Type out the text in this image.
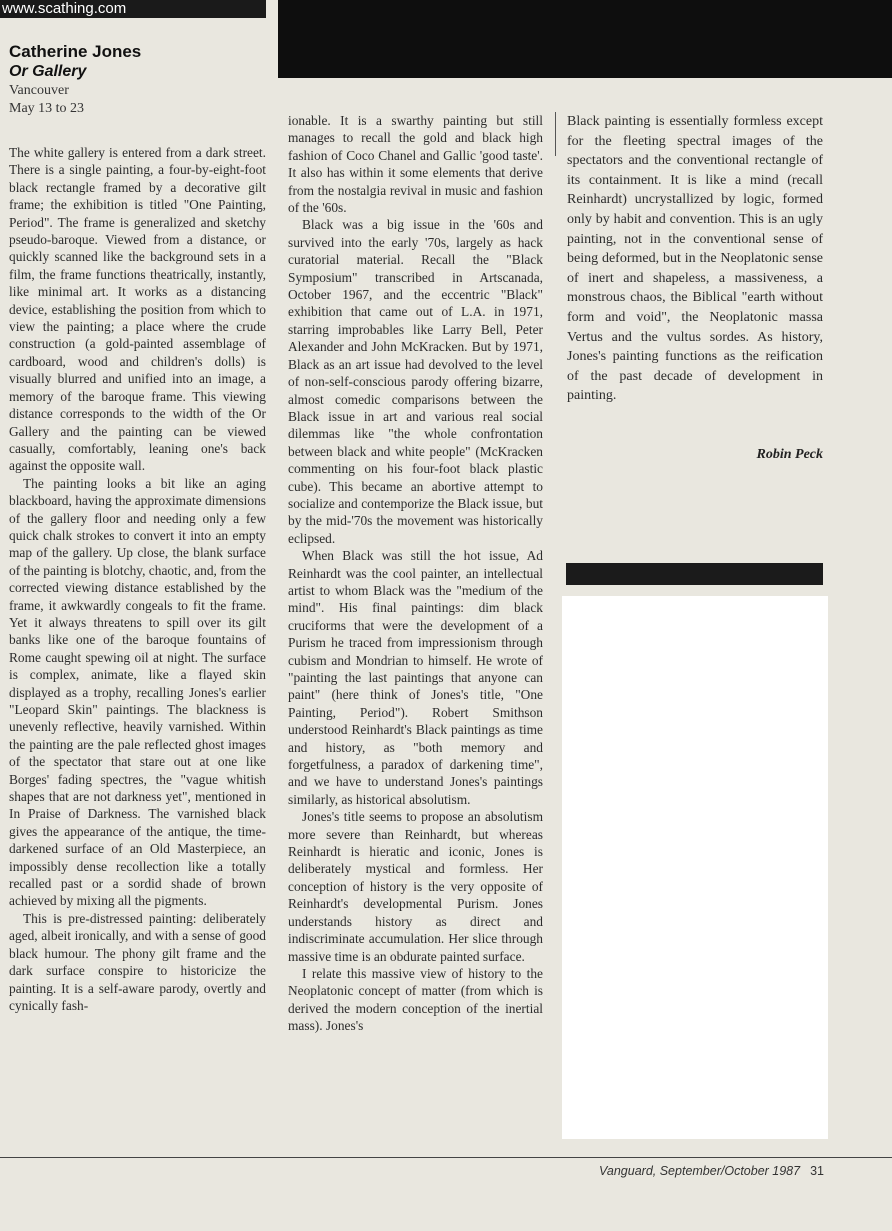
www.scathing.com
Catherine Jones
Or Gallery
Vancouver
May 13 to 23

The white gallery is entered from a dark street. There is a single painting, a four-by-eight-foot black rectangle framed by a decorative gilt frame; the exhibition is titled "One Painting, Period". The frame is generalized and sketchy pseudo-baroque. Viewed from a distance, or quickly scanned like the background sets in a film, the frame functions theatrically, instantly, like minimal art. It works as a distancing device, establishing the position from which to view the painting; a place where the crude construction (a gold-painted assemblage of cardboard, wood and children's dolls) is visually blurred and unified into an image, a memory of the baroque frame. This viewing distance corresponds to the width of the Or Gallery and the painting can be viewed casually, comfortably, leaning one's back against the opposite wall.

The painting looks a bit like an aging blackboard, having the approximate dimensions of the gallery floor and needing only a few quick chalk strokes to convert it into an empty map of the gallery. Up close, the blank surface of the painting is blotchy, chaotic, and, from the corrected viewing distance established by the frame, it awkwardly congeals to fit the frame. Yet it always threatens to spill over its gilt banks like one of the baroque fountains of Rome caught spewing oil at night. The surface is complex, animate, like a flayed skin displayed as a trophy, recalling Jones's earlier "Leopard Skin" paintings. The blackness is unevenly reflective, heavily varnished. Within the painting are the pale reflected ghost images of the spectator that stare out at one like Borges' fading spectres, the "vague whitish shapes that are not darkness yet", mentioned in In Praise of Darkness. The varnished black gives the appearance of the antique, the time-darkened surface of an Old Masterpiece, an impossibly dense recollection like a totally recalled past or a sordid shade of brown achieved by mixing all the pigments.

This is pre-distressed painting: deliberately aged, albeit ironically, and with a sense of good black humour. The phony gilt frame and the dark surface conspire to historicize the painting. It is a self-aware parody, overtly and cynically fash-

ionable. It is a swarthy painting but still manages to recall the gold and black high fashion of Coco Chanel and Gallic 'good taste'. It also has within it some elements that derive from the nostalgia revival in music and fashion of the '60s.

Black was a big issue in the '60s and survived into the early '70s, largely as hack curatorial material. Recall the "Black Symposium" transcribed in Artscanada, October 1967, and the eccentric "Black" exhibition that came out of L.A. in 1971, starring improbables like Larry Bell, Peter Alexander and John McKracken. But by 1971, Black as an art issue had devolved to the level of non-self-conscious parody offering bizarre, almost comedic comparisons between the Black issue in art and various real social dilemmas like "the whole confrontation between black and white people" (McKracken commenting on his four-foot black plastic cube). This became an abortive attempt to socialize and contemporize the Black issue, but by the mid-'70s the movement was historically eclipsed.

When Black was still the hot issue, Ad Reinhardt was the cool painter, an intellectual artist to whom Black was the "medium of the mind". His final paintings: dim black cruciforms that were the development of a Purism he traced from impressionism through cubism and Mondrian to himself. He wrote of "painting the last paintings that anyone can paint" (here think of Jones's title, "One Painting, Period"). Robert Smithson understood Reinhardt's Black paintings as time and history, as "both memory and forgetfulness, a paradox of darkening time", and we have to understand Jones's paintings similarly, as historical absolutism.

Jones's title seems to propose an absolutism more severe than Reinhardt, but whereas Reinhardt is hieratic and iconic, Jones is deliberately mystical and formless. Her conception of history is the very opposite of Reinhardt's developmental Purism. Jones understands history as direct and indiscriminate accumulation. Her slice through massive time is an obdurate painted surface.

I relate this massive view of history to the Neoplatonic concept of matter (from which is derived the modern conception of the inertial mass). Jones's

Black painting is essentially formless except for the fleeting spectral images of the spectators and the conventional rectangle of its containment. It is like a mind (recall Reinhardt) uncrystallized by logic, formed only by habit and convention. This is an ugly painting, not in the conventional sense of being deformed, but in the Neoplatonic sense of inert and shapeless, a massiveness, a monstrous chaos, the Biblical "earth without form and void", the Neoplatonic massa Vertus and the vultus sordes. As history, Jones's painting functions as the reification of the past decade of development in painting.

Robin Peck
Vanguard, September/October 1987 31
